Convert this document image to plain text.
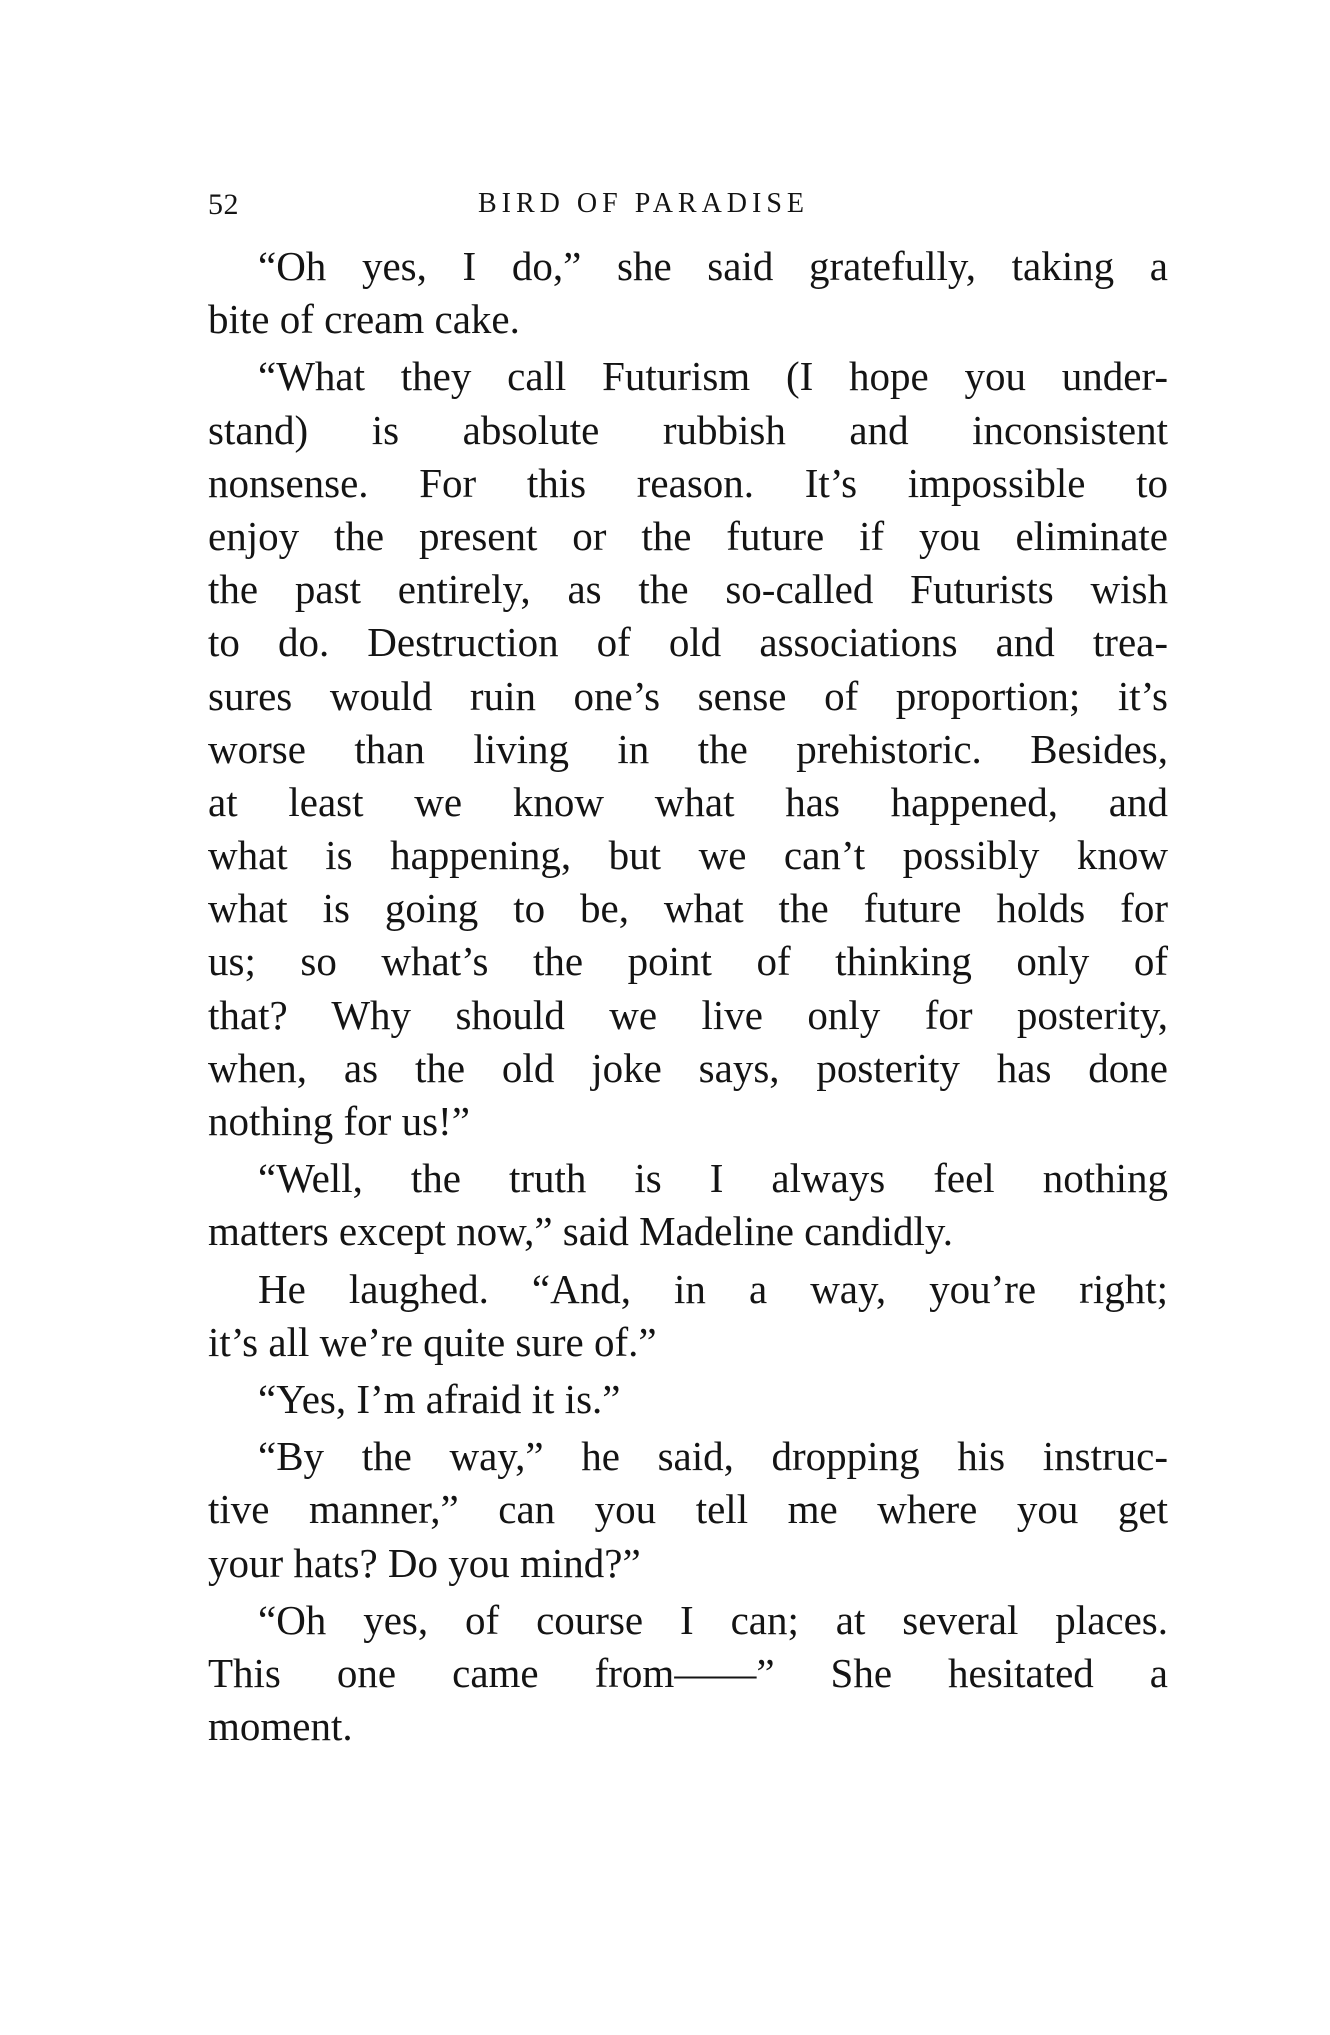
52	BIRD OF PARADISE
“Oh yes, I do,” she said gratefully, taking a
bite of cream cake.
“What they call Futurism (I hope you under-
stand) is absolute rubbish and inconsistent
nonsense. For this reason. It’s impossible to
enjoy the present or the future if you eliminate
the past entirely, as the so-called Futurists wish
to do. Destruction of old associations and trea-
sures would ruin one’s sense of proportion; it’s
worse than living in the prehistoric. Besides,
at least we know what has happened, and
what is happening, but we can’t possibly know
what is going to be, what the future holds for
us; so what’s the point of thinking only of
that? Why should we live only for posterity,
when, as the old joke says, posterity has done
nothing for us!”
“Well, the truth is I always feel nothing
matters except now,” said Madeline candidly.
He laughed. “And, in a way, you’re right;
it’s all we’re quite sure of.”
“Yes, I’m afraid it is.”
“By the way,” he said, dropping his instruc-
tive manner,” can you tell me where you get
your hats? Do you mind?”
“Oh yes, of course I can; at several places.
This one came from——” She hesitated a
moment.
